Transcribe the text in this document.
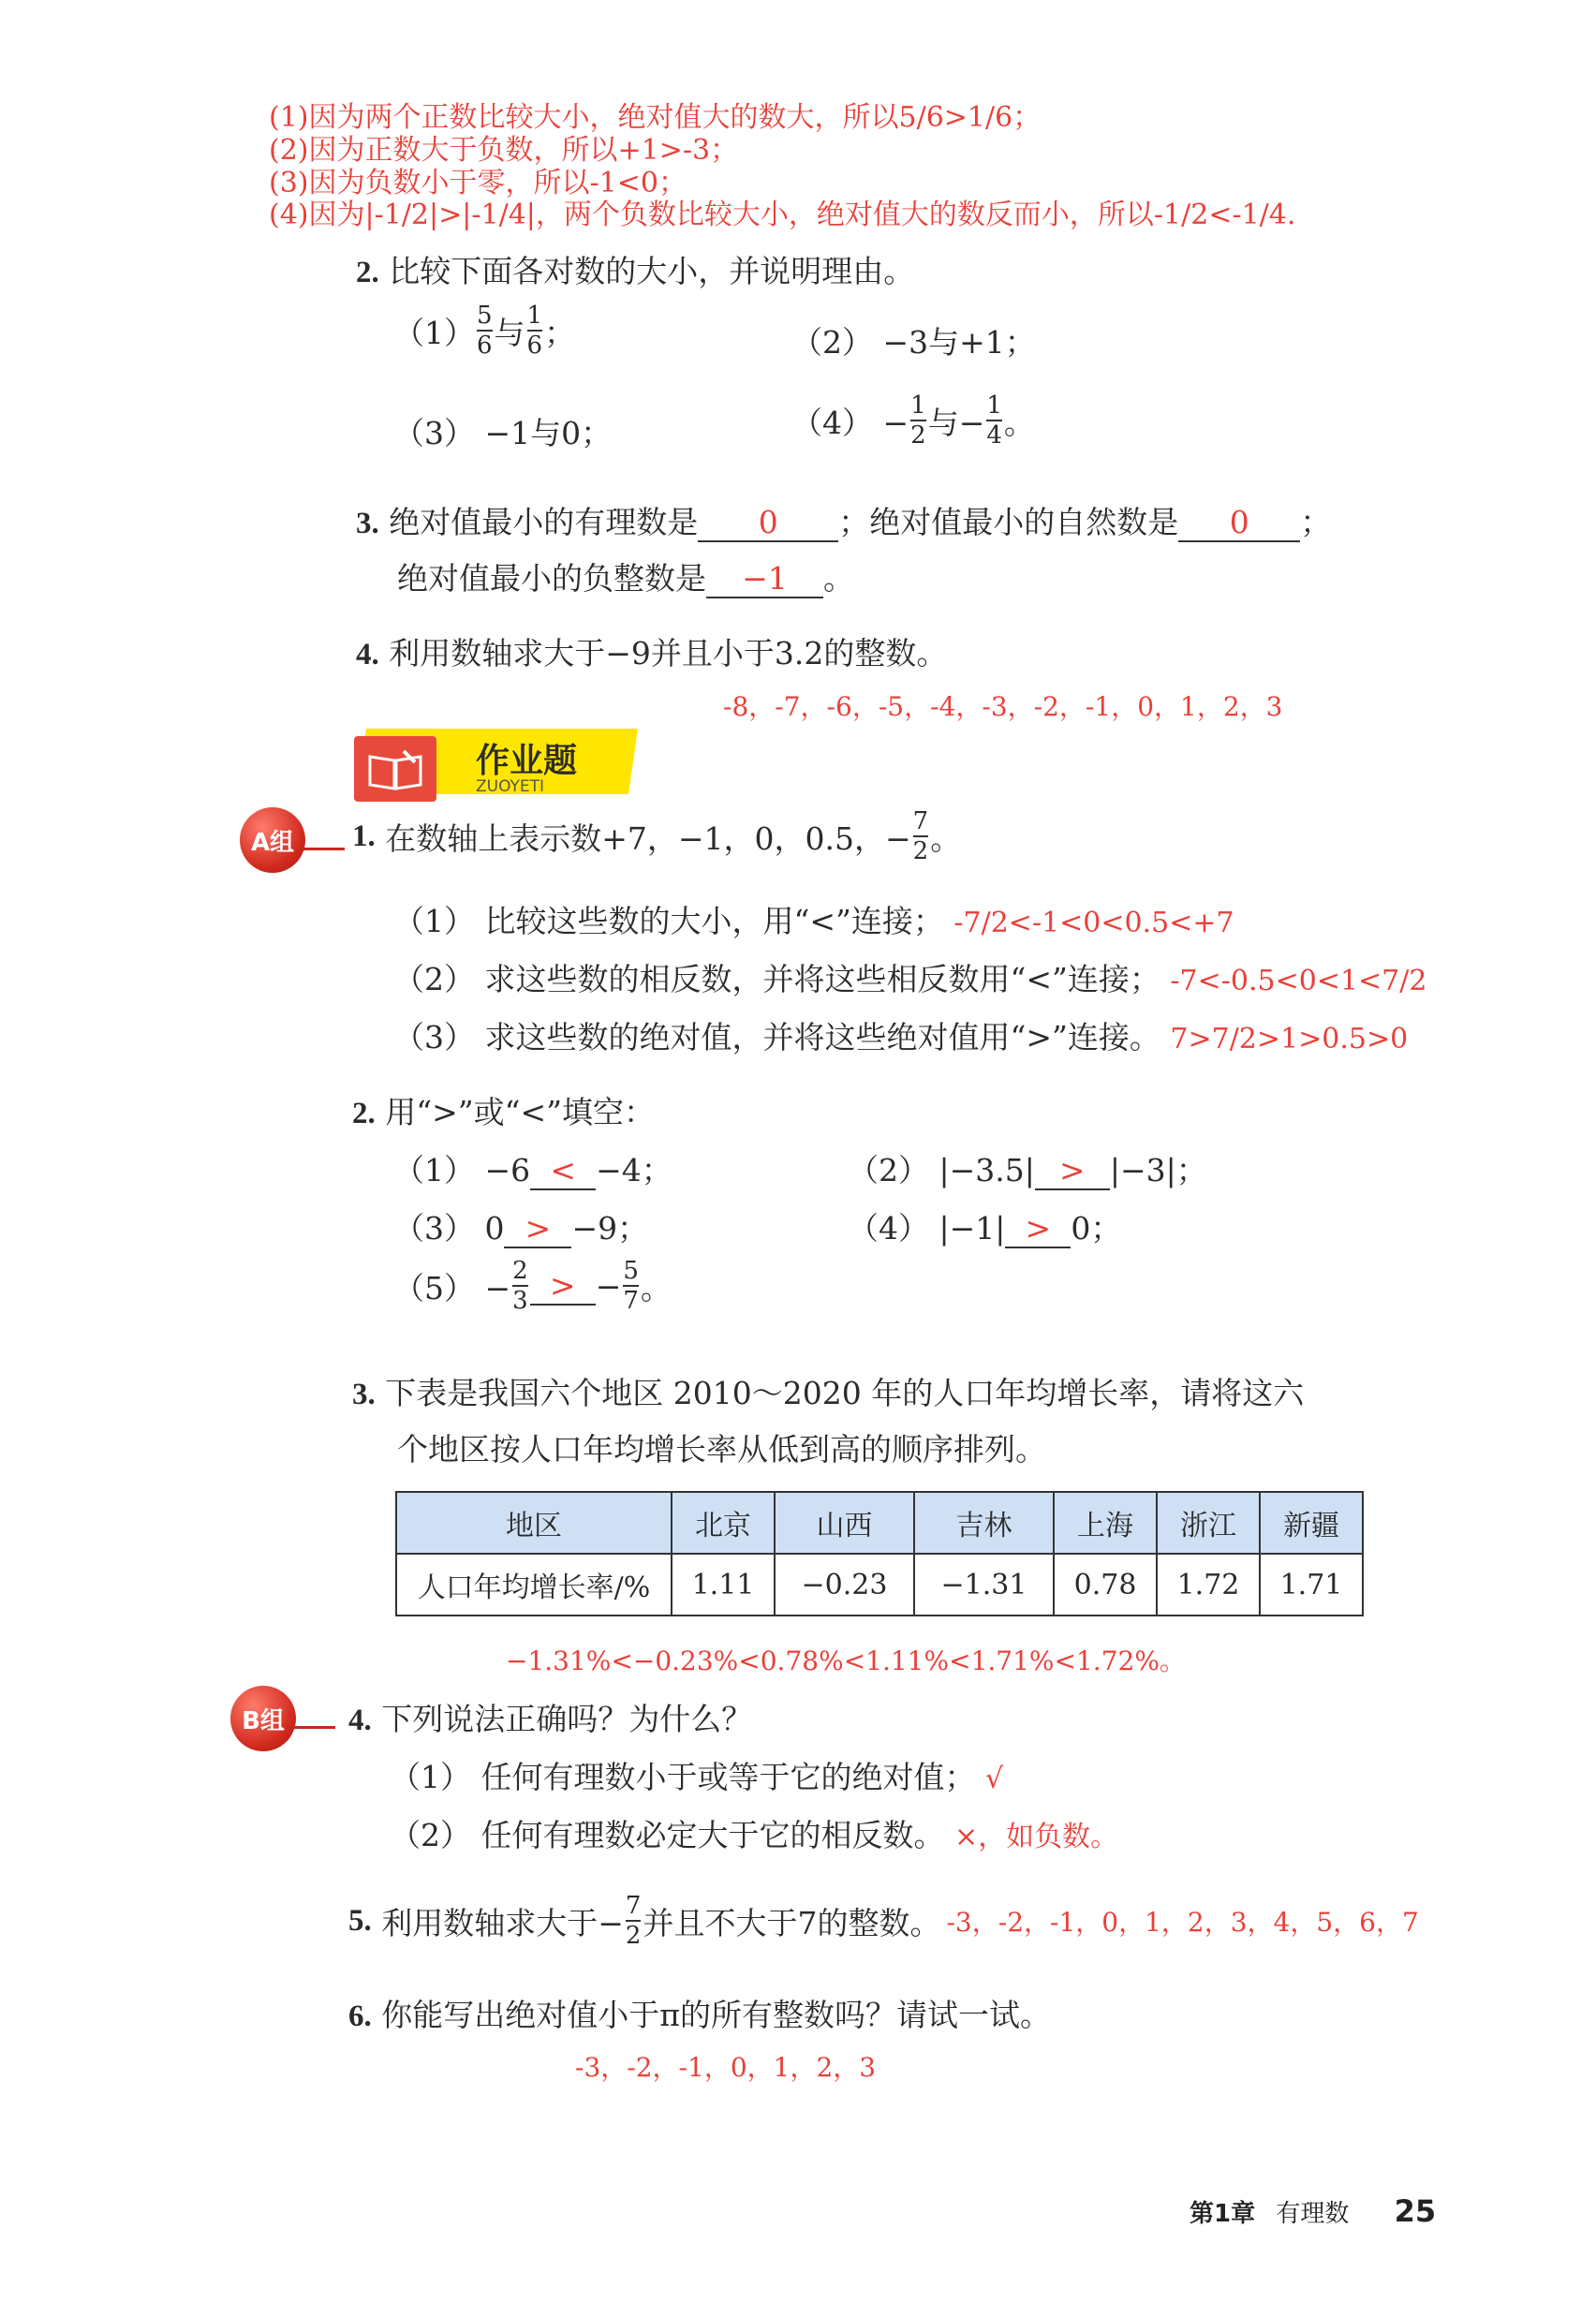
(1)因为两个正数比较大小，绝对值大的数大，所以5/6>1/6；
(2)因为正数大于负数，所以+1>-3；
(3)因为负数小于零，所以-1<0；
(4)因为|-1/2|>|-1/4|，两个负数比较大小，绝对值大的数反而小，所以-1/2<-1/4.
2. 比较下面各对数的大小，并说明理由。
$(1) \frac{5}{6}$ 与 $\frac{1}{6}$ ；	（2） −3与+1；
（3） −1与0；	$(4) - \frac{1}{2}$ 与− $\frac{1}{4}$ 。
3. 绝对值最小的有理数是 0 ；绝对值最小的自然数是 0 ；
绝对值最小的负整数是 −1 。
4. 利用数轴求大于−9并且小于3.2的整数。
-8，-7，-6，-5，-4，-3，-2，-1，0，1，2，3
作业题
ZUOYETI
A组	1.
在数轴上表示数+7，−1，0，0.5，− $\frac{7}{2}$ 。
（1） 比较这些数的大小，用“<”连接； -7/2<-1<0<0.5<+7
（2） 求这些数的相反数，并将这些相反数用“<”连接； -7<-0.5<0<1<7/2
（3） 求这些数的绝对值，并将这些绝对值用“>”连接。 7>7/2>1>0.5>0
2. 用“>”或“<”填空：
（1） −6 < −4；	（2） |−3.5| > |−3|；
（3） 0 > −9；	（4） |−1| > 0；
$(5) - \frac{2}{3}$ > − $\frac{5}{7}$ 。
3. 下表是我国六个地区 2010～2020 年的人口年均增长率，请将这六
个地区按人口年均增长率从低到高的顺序排列。
地区	北京	山西	吉林	上海	浙江	新疆
人口年均增长率/%	1.11	−0.23	−1.31	0.78	1.72	1.71
−1.31%<−0.23%<0.78%<1.11%<1.71%<1.72%。
B组	4. 下列说法正确吗？为什么？
（1） 任何有理数小于或等于它的绝对值； √
（2） 任何有理数必定大于它的相反数。 ×，如负数。
5.
利用数轴求大于− $\frac{7}{2}$ 并且不大于7的整数。 -3，-2，-1，0，1，2，3，4，5，6，7
6. 你能写出绝对值小于π的所有整数吗？请试一试。
-3，-2，-1，0，1，2，3
第1章 有理数 25
